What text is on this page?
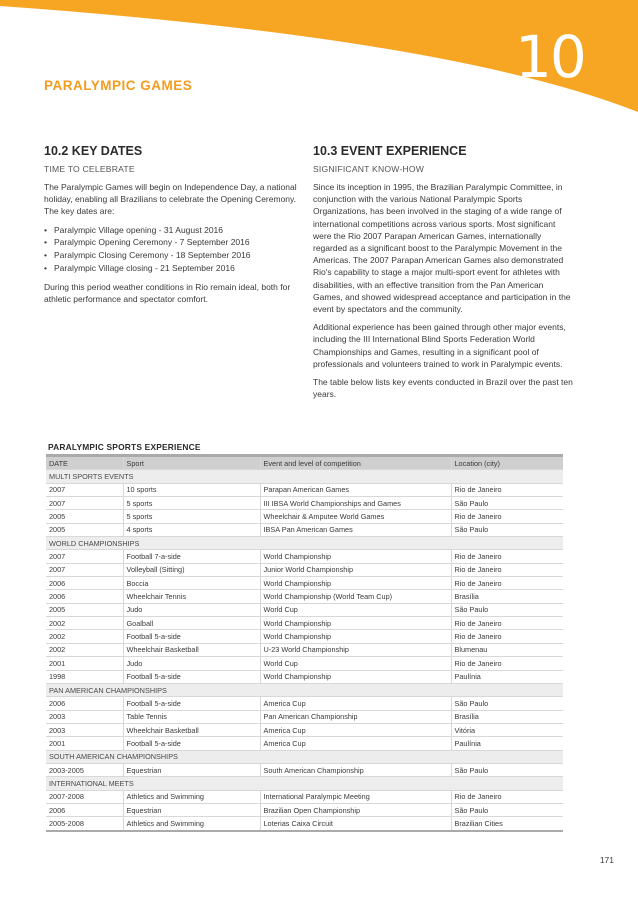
10
PARALYMPIC GAMES
10.2 KEY DATES
TIME TO CELEBRATE
The Paralympic Games will begin on Independence Day, a national holiday, enabling all Brazilians to celebrate the Opening Ceremony. The key dates are:
• Paralympic Village opening - 31 August 2016
• Paralympic Opening Ceremony - 7 September 2016
• Paralympic Closing Ceremony - 18 September 2016
• Paralympic Village closing - 21 September 2016
During this period weather conditions in Rio remain ideal, both for athletic performance and spectator comfort.
10.3 EVENT EXPERIENCE
SIGNIFICANT KNOW-HOW
Since its inception in 1995, the Brazilian Paralympic Committee, in conjunction with the various National Paralympic Sports Organizations, has been involved in the staging of a wide range of international competitions across various sports. Most significant were the Rio 2007 Parapan American Games, internationally regarded as a significant boost to the Paralympic Movement in the Americas. The 2007 Parapan American Games also demonstrated Rio's capability to stage a major multi-sport event for athletes with disabilities, with an effective transition from the Pan American Games, and showed widespread acceptance and participation in the event by spectators and the community.
Additional experience has been gained through other major events, including the III International Blind Sports Federation World Championships and Games, resulting in a significant pool of professionals and volunteers trained to work in Paralympic events.
The table below lists key events conducted in Brazil over the past ten years.
PARALYMPIC SPORTS EXPERIENCE
DATE	Sport	Event and level of competition	Location (city)
MULTI SPORTS EVENTS			
2007	10 sports	Parapan American Games	Rio de Janeiro
2007	5 sports	III IBSA World Championships and Games	São Paulo
2005	5 sports	Wheelchair & Amputee World Games	Rio de Janeiro
2005	4 sports	IBSA Pan American Games	São Paulo
WORLD CHAMPIONSHIPS			
2007	Football 7-a-side	World Championship	Rio de Janeiro
2007	Volleyball (Sitting)	Junior World Championship	Rio de Janeiro
2006	Boccia	World Championship	Rio de Janeiro
2006	Wheelchair Tennis	World Championship (World Team Cup)	Brasília
2005	Judo	World Cup	São Paulo
2002	Goalball	World Championship	Rio de Janeiro
2002	Football 5-a-side	World Championship	Rio de Janeiro
2002	Wheelchair Basketball	U-23 World Championship	Blumenau
2001	Judo	World Cup	Rio de Janeiro
1998	Football 5-a-side	World Championship	Paulínia
PAN AMERICAN CHAMPIONSHIPS			
2006	Football 5-a-side	America Cup	São Paulo
2003	Table Tennis	Pan American Championship	Brasília
2003	Wheelchair Basketball	America Cup	Vitória
2001	Football 5-a-side	America Cup	Paulínia
SOUTH AMERICAN CHAMPIONSHIPS			
2003-2005	Equestrian	South American Championship	São Paulo
INTERNATIONAL MEETS			
2007-2008	Athletics and Swimming	International Paralympic Meeting	Rio de Janeiro
2006	Equestrian	Brazilian Open Championship	São Paulo
2005-2008	Athletics and Swimming	Loterias Caixa Circuit	Brazilian Cities
171
